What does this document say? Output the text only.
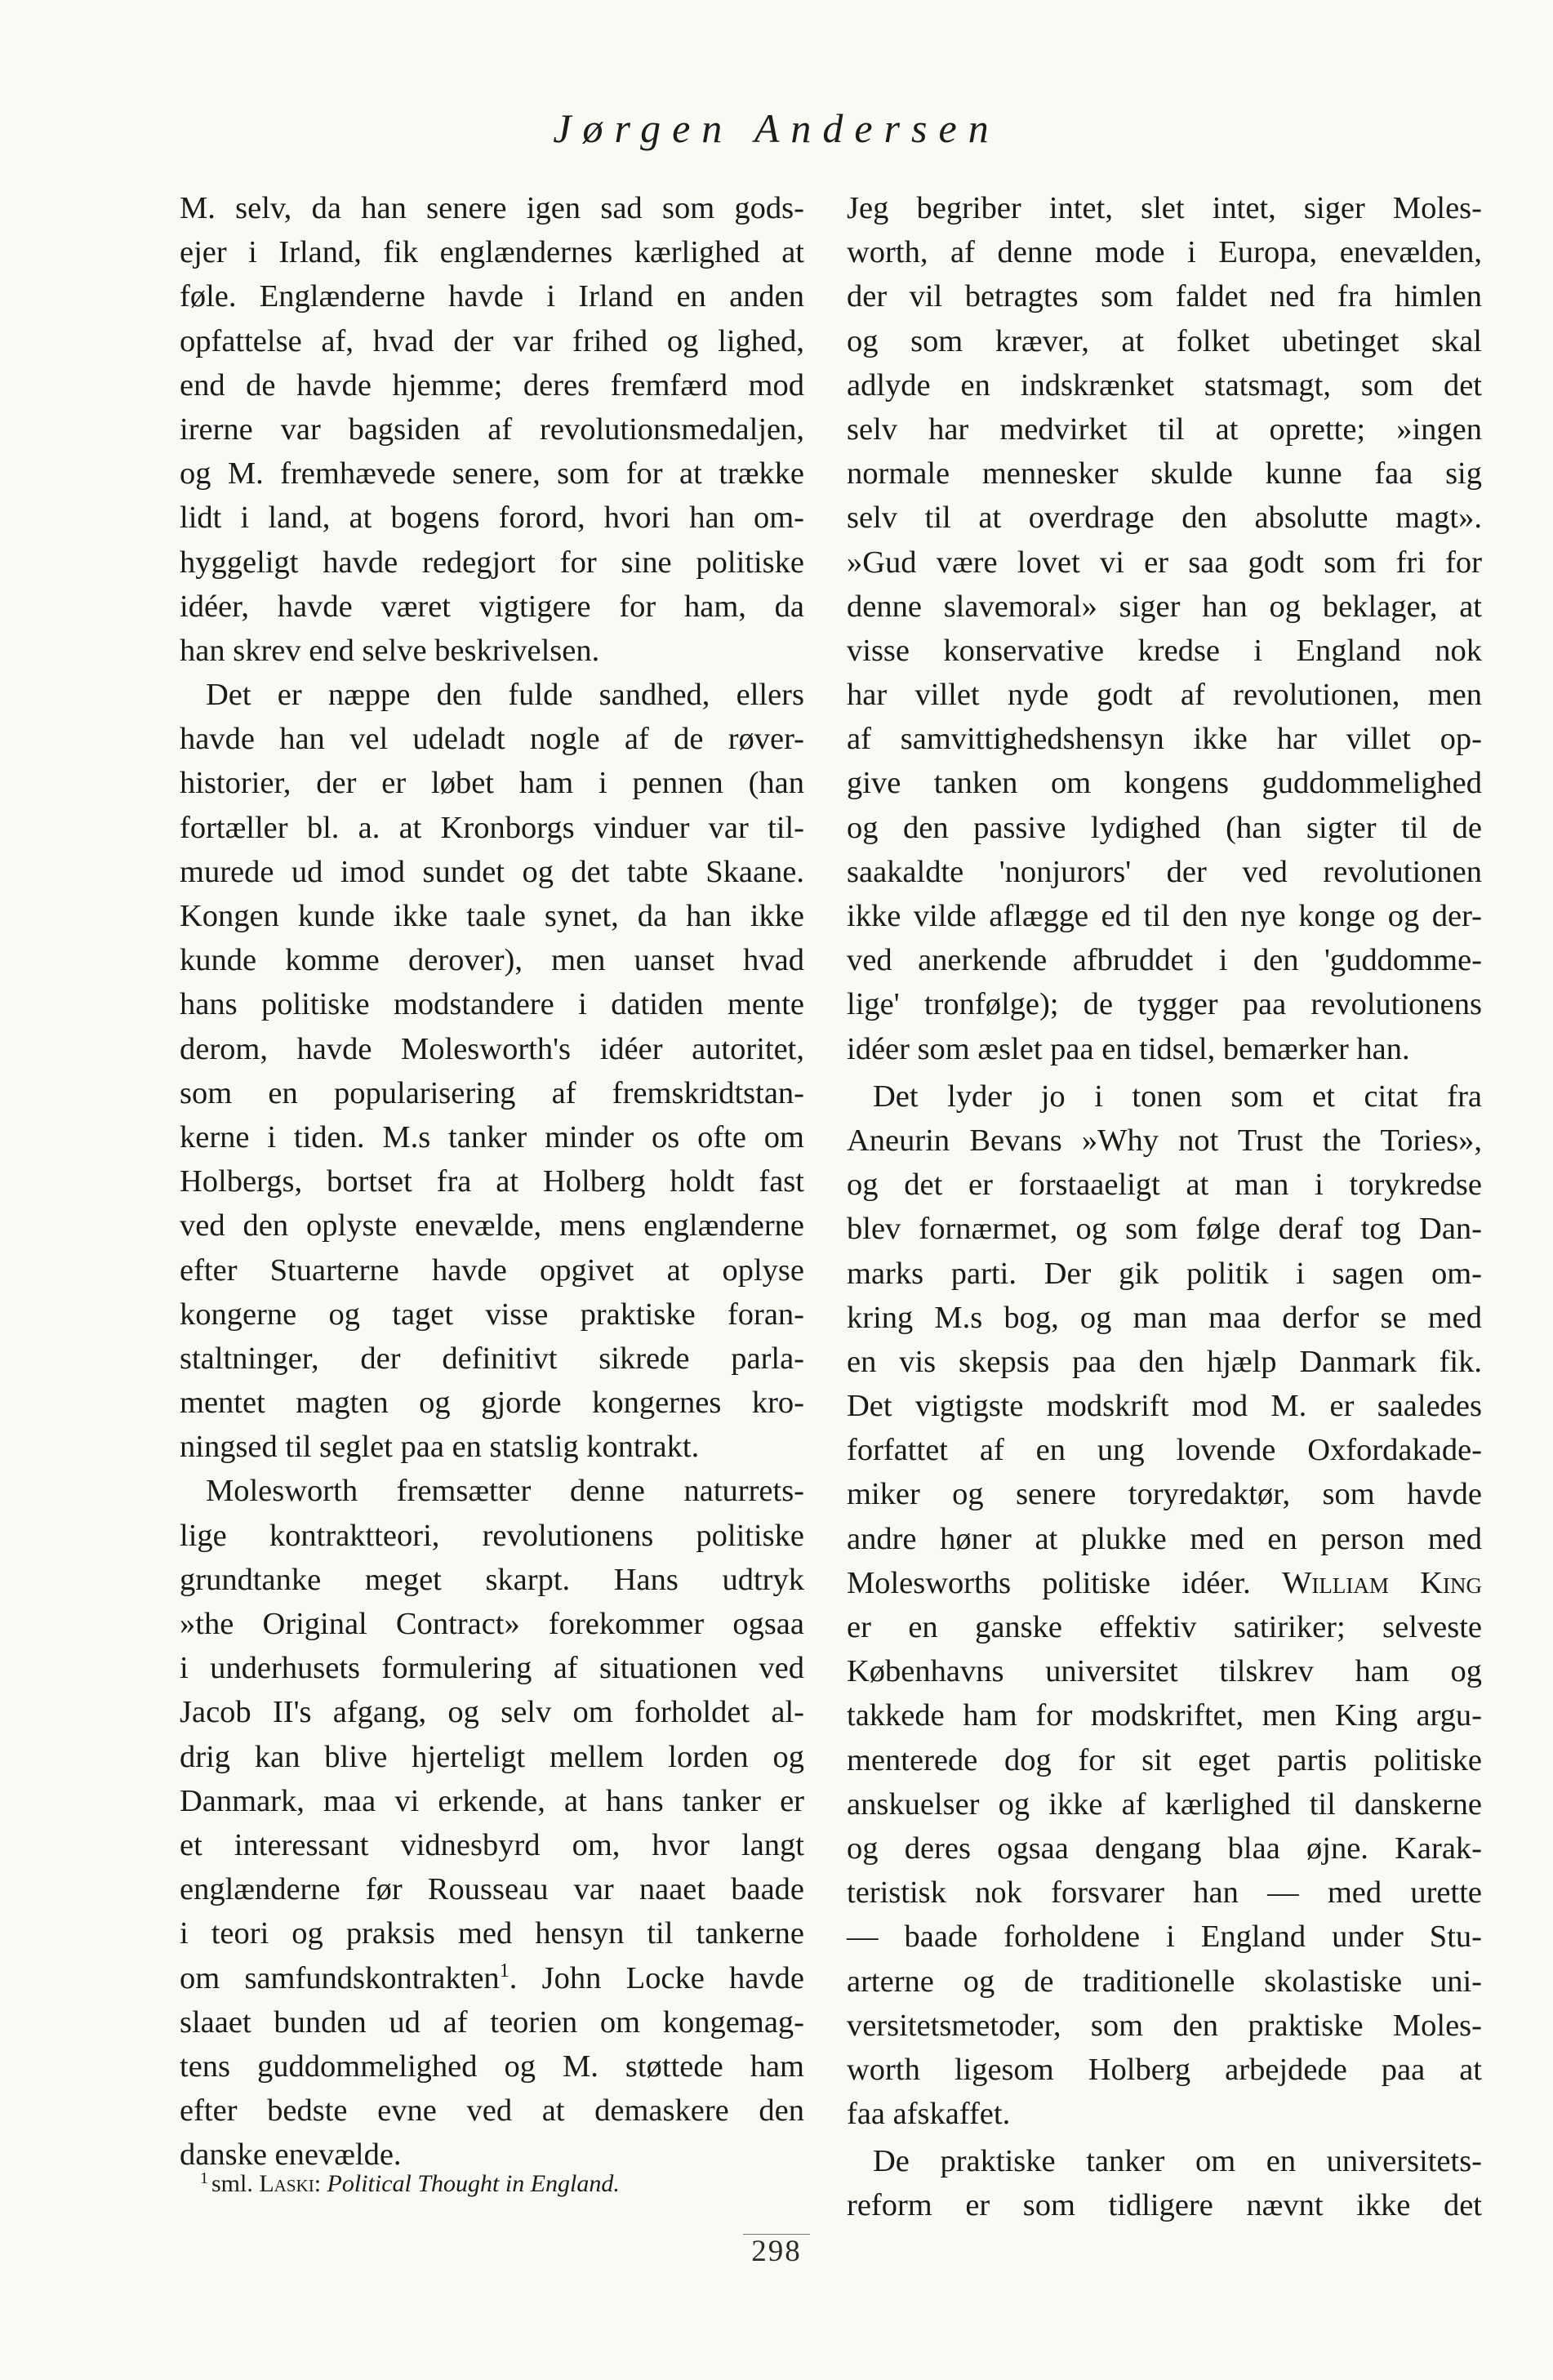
Jørgen Andersen
M. selv, da han senere igen sad som gods-
ejer i Irland, fik englændernes kærlighed at
føle. Englænderne havde i Irland en anden
opfattelse af, hvad der var frihed og lighed,
end de havde hjemme; deres fremfærd mod
irerne var bagsiden af revolutionsmedaljen,
og M. fremhævede senere, som for at trække
lidt i land, at bogens forord, hvori han om-
hyggeligt havde redegjort for sine politiske
idéer, havde været vigtigere for ham, da
han skrev end selve beskrivelsen.
Det er næppe den fulde sandhed, ellers
havde han vel udeladt nogle af de røver-
historier, der er løbet ham i pennen (han
fortæller bl. a. at Kronborgs vinduer var til-
murede ud imod sundet og det tabte Skaane.
Kongen kunde ikke taale synet, da han ikke
kunde komme derover), men uanset hvad
hans politiske modstandere i datiden mente
derom, havde Molesworth's idéer autoritet,
som en popularisering af fremskridtstan-
kerne i tiden. M.s tanker minder os ofte om
Holbergs, bortset fra at Holberg holdt fast
ved den oplyste enevælde, mens englænderne
efter Stuarterne havde opgivet at oplyse
kongerne og taget visse praktiske foran-
staltninger, der definitivt sikrede parla-
mentet magten og gjorde kongernes kro-
ningsed til seglet paa en statslig kontrakt.
Molesworth fremsætter denne naturrets-
lige kontraktteori, revolutionens politiske
grundtanke meget skarpt. Hans udtryk
»the Original Contract» forekommer ogsaa
i underhusets formulering af situationen ved
Jacob II's afgang, og selv om forholdet al-
drig kan blive hjerteligt mellem lorden og
Danmark, maa vi erkende, at hans tanker er
et interessant vidnesbyrd om, hvor langt
englænderne før Rousseau var naaet baade
i teori og praksis med hensyn til tankerne
om samfundskontrakten$^1$. John Locke havde
slaaet bunden ud af teorien om kongemag-
tens guddommelighed og M. støttede ham
efter bedste evne ved at demaskere den
danske enevælde.
Jeg begriber intet, slet intet, siger Moles-
worth, af denne mode i Europa, enevælden,
der vil betragtes som faldet ned fra himlen
og som kræver, at folket ubetinget skal
adlyde en indskrænket statsmagt, som det
selv har medvirket til at oprette; »ingen
normale mennesker skulde kunne faa sig
selv til at overdrage den absolutte magt».
»Gud være lovet vi er saa godt som fri for
denne slavemoral» siger han og beklager, at
visse konservative kredse i England nok
har villet nyde godt af revolutionen, men
af samvittighedshensyn ikke har villet op-
give tanken om kongens guddommelighed
og den passive lydighed (han sigter til de
saakaldte 'nonjurors' der ved revolutionen
ikke vilde aflægge ed til den nye konge og der-
ved anerkende afbruddet i den 'guddomme-
lige' tronfølge); de tygger paa revolutionens
idéer som æslet paa en tidsel, bemærker han.
Det lyder jo i tonen som et citat fra
Aneurin Bevans »Why not Trust the Tories»,
og det er forstaaeligt at man i torykredse
blev fornærmet, og som følge deraf tog Dan-
marks parti. Der gik politik i sagen om-
kring M.s bog, og man maa derfor se med
en vis skepsis paa den hjælp Danmark fik.
Det vigtigste modskrift mod M. er saaledes
forfattet af en ung lovende Oxfordakade-
miker og senere toryredaktør, som havde
andre høner at plukke med en person med
Molesworths politiske idéer. William King
er en ganske effektiv satiriker; selveste
Københavns universitet tilskrev ham og
takkede ham for modskriftet, men King argu-
menterede dog for sit eget partis politiske
anskuelser og ikke af kærlighed til danskerne
og deres ogsaa dengang blaa øjne. Karak-
teristisk nok forsvarer han — med urette
— baade forholdene i England under Stu-
arterne og de traditionelle skolastiske uni-
versitetsmetoder, som den praktiske Moles-
worth ligesom Holberg arbejdede paa at
faa afskaffet.
De praktiske tanker om en universitets-
reform er som tidligere nævnt ikke det
$^1$ sml. Laski: Political Thought in England.
298
